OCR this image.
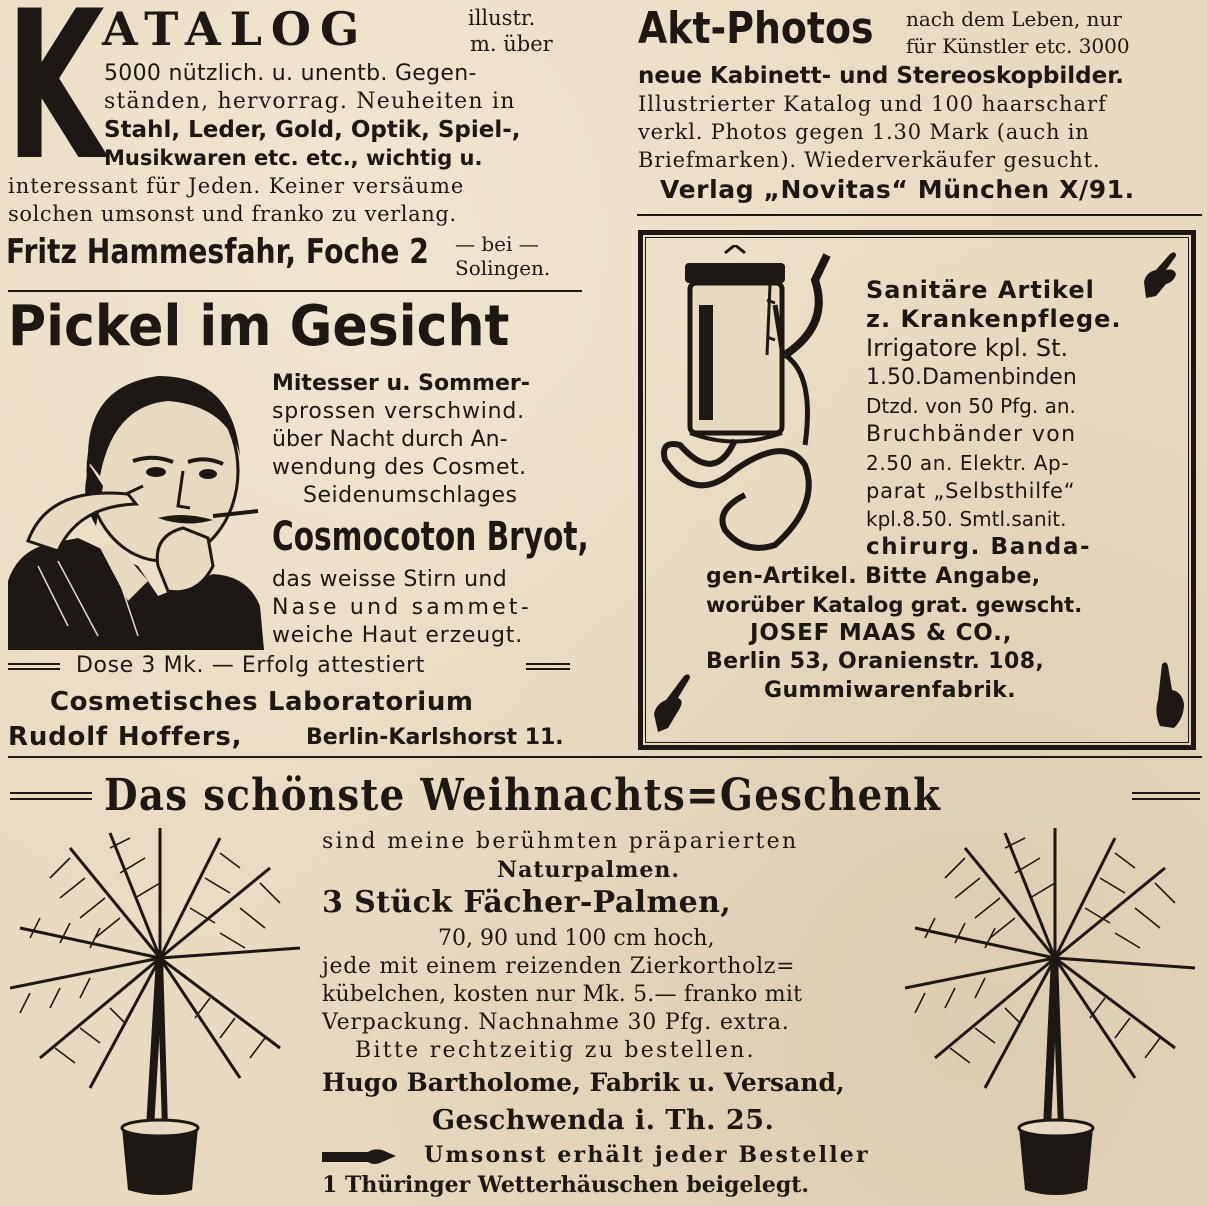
K
ATALOG	illustr.
m. über
5000 nützlich. u. unentb. Gegen-
ständen, hervorrag. Neuheiten in
Stahl, Leder, Gold, Optik, Spiel-,
Musikwaren etc. etc., wichtig u.
interessant für Jeden. Keiner versäume
solchen umsonst und franko zu verlang.
Fritz Hammesfahr, Foche 2 — bei —
Solingen.
Akt-Photos nach dem Leben, nur
für Künstler etc. 3000
neue Kabinett- und Stereoskopbilder.
Illustrierter Katalog und 100 haarscharf
verkl. Photos gegen 1.30 Mark (auch in
Briefmarken). Wiederverkäufer gesucht.
Verlag „Novitas“ München X/91.
Pickel im Gesicht
Mitesser u. Sommer-
sprossen verschwind.
über Nacht durch An-
wendung des Cosmet.
Seidenumschlages
Cosmocoton Bryot,
das weisse Stirn und
Nase und sammet-
weiche Haut erzeugt.
Dose 3 Mk. — Erfolg attestiert
Cosmetisches Laboratorium
Rudolf Hoffers,	Berlin-Karlshorst 11.
Sanitäre Artikel
z. Krankenpflege.
Irrigatore kpl. St.
1.50.Damenbinden
Dtzd. von 50 Pfg. an.
Bruchbänder von
2.50 an. Elektr. Ap-
parat „Selbsthilfe“
kpl.8.50. Smtl.sanit.
chirurg. Banda-
gen-Artikel. Bitte Angabe,
worüber Katalog grat. gewscht.
JOSEF MAAS & CO.,
Berlin 53, Oranienstr. 108,
Gummiwarenfabrik.
Das schönste Weihnachts=Geschenk
sind meine berühmten präparierten
Naturpalmen.
3 Stück Fächer-Palmen,
70, 90 und 100 cm hoch,
jede mit einem reizenden Zierkortholz=
kübelchen, kosten nur Mk. 5.— franko mit
Verpackung. Nachnahme 30 Pfg. extra.
Bitte rechtzeitig zu bestellen.
Hugo Bartholome, Fabrik u. Versand,
Geschwenda i. Th. 25.
Umsonst erhält jeder Besteller
1 Thüringer Wetterhäuschen beigelegt.
